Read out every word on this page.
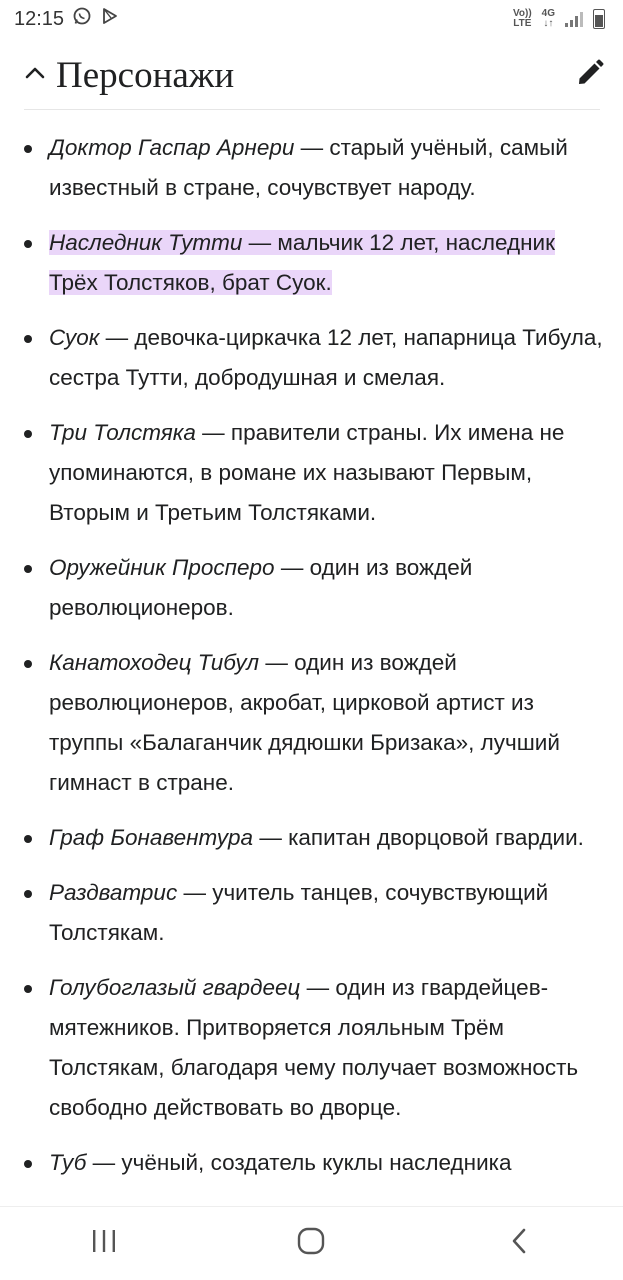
12:15	Vo))
LTE
4G
↓↑
Персонажи
Доктор Гаспар Арнери — старый учёный, самый известный в стране, сочувствует народу.
Наследник Тутти — мальчик 12 лет, наследник Трёх Толстяков, брат Суок.
Суок — девочка-циркачка 12 лет, напарница Тибула, сестра Тутти, добродушная и смелая.
Три Толстяка — правители страны. Их имена не упоминаются, в романе их называют Первым, Вторым и Третьим Толстяками.
Оружейник Просперо — один из вождей революционеров.
Канатоходец Тибул — один из вождей революционеров, акробат, цирковой артист из труппы «Балаганчик дядюшки Бризака», лучший гимнаст в стране.
Граф Бонавентура — капитан дворцовой гвардии.
Раздватрис — учитель танцев, сочувствующий Толстякам.
Голубоглазый гвардеец — один из гвардейцев-мятежников. Притворяется лояльным Трём Толстякам, благодаря чему получает возможность свободно действовать во дворце.
Туб — учёный, создатель куклы наследника
